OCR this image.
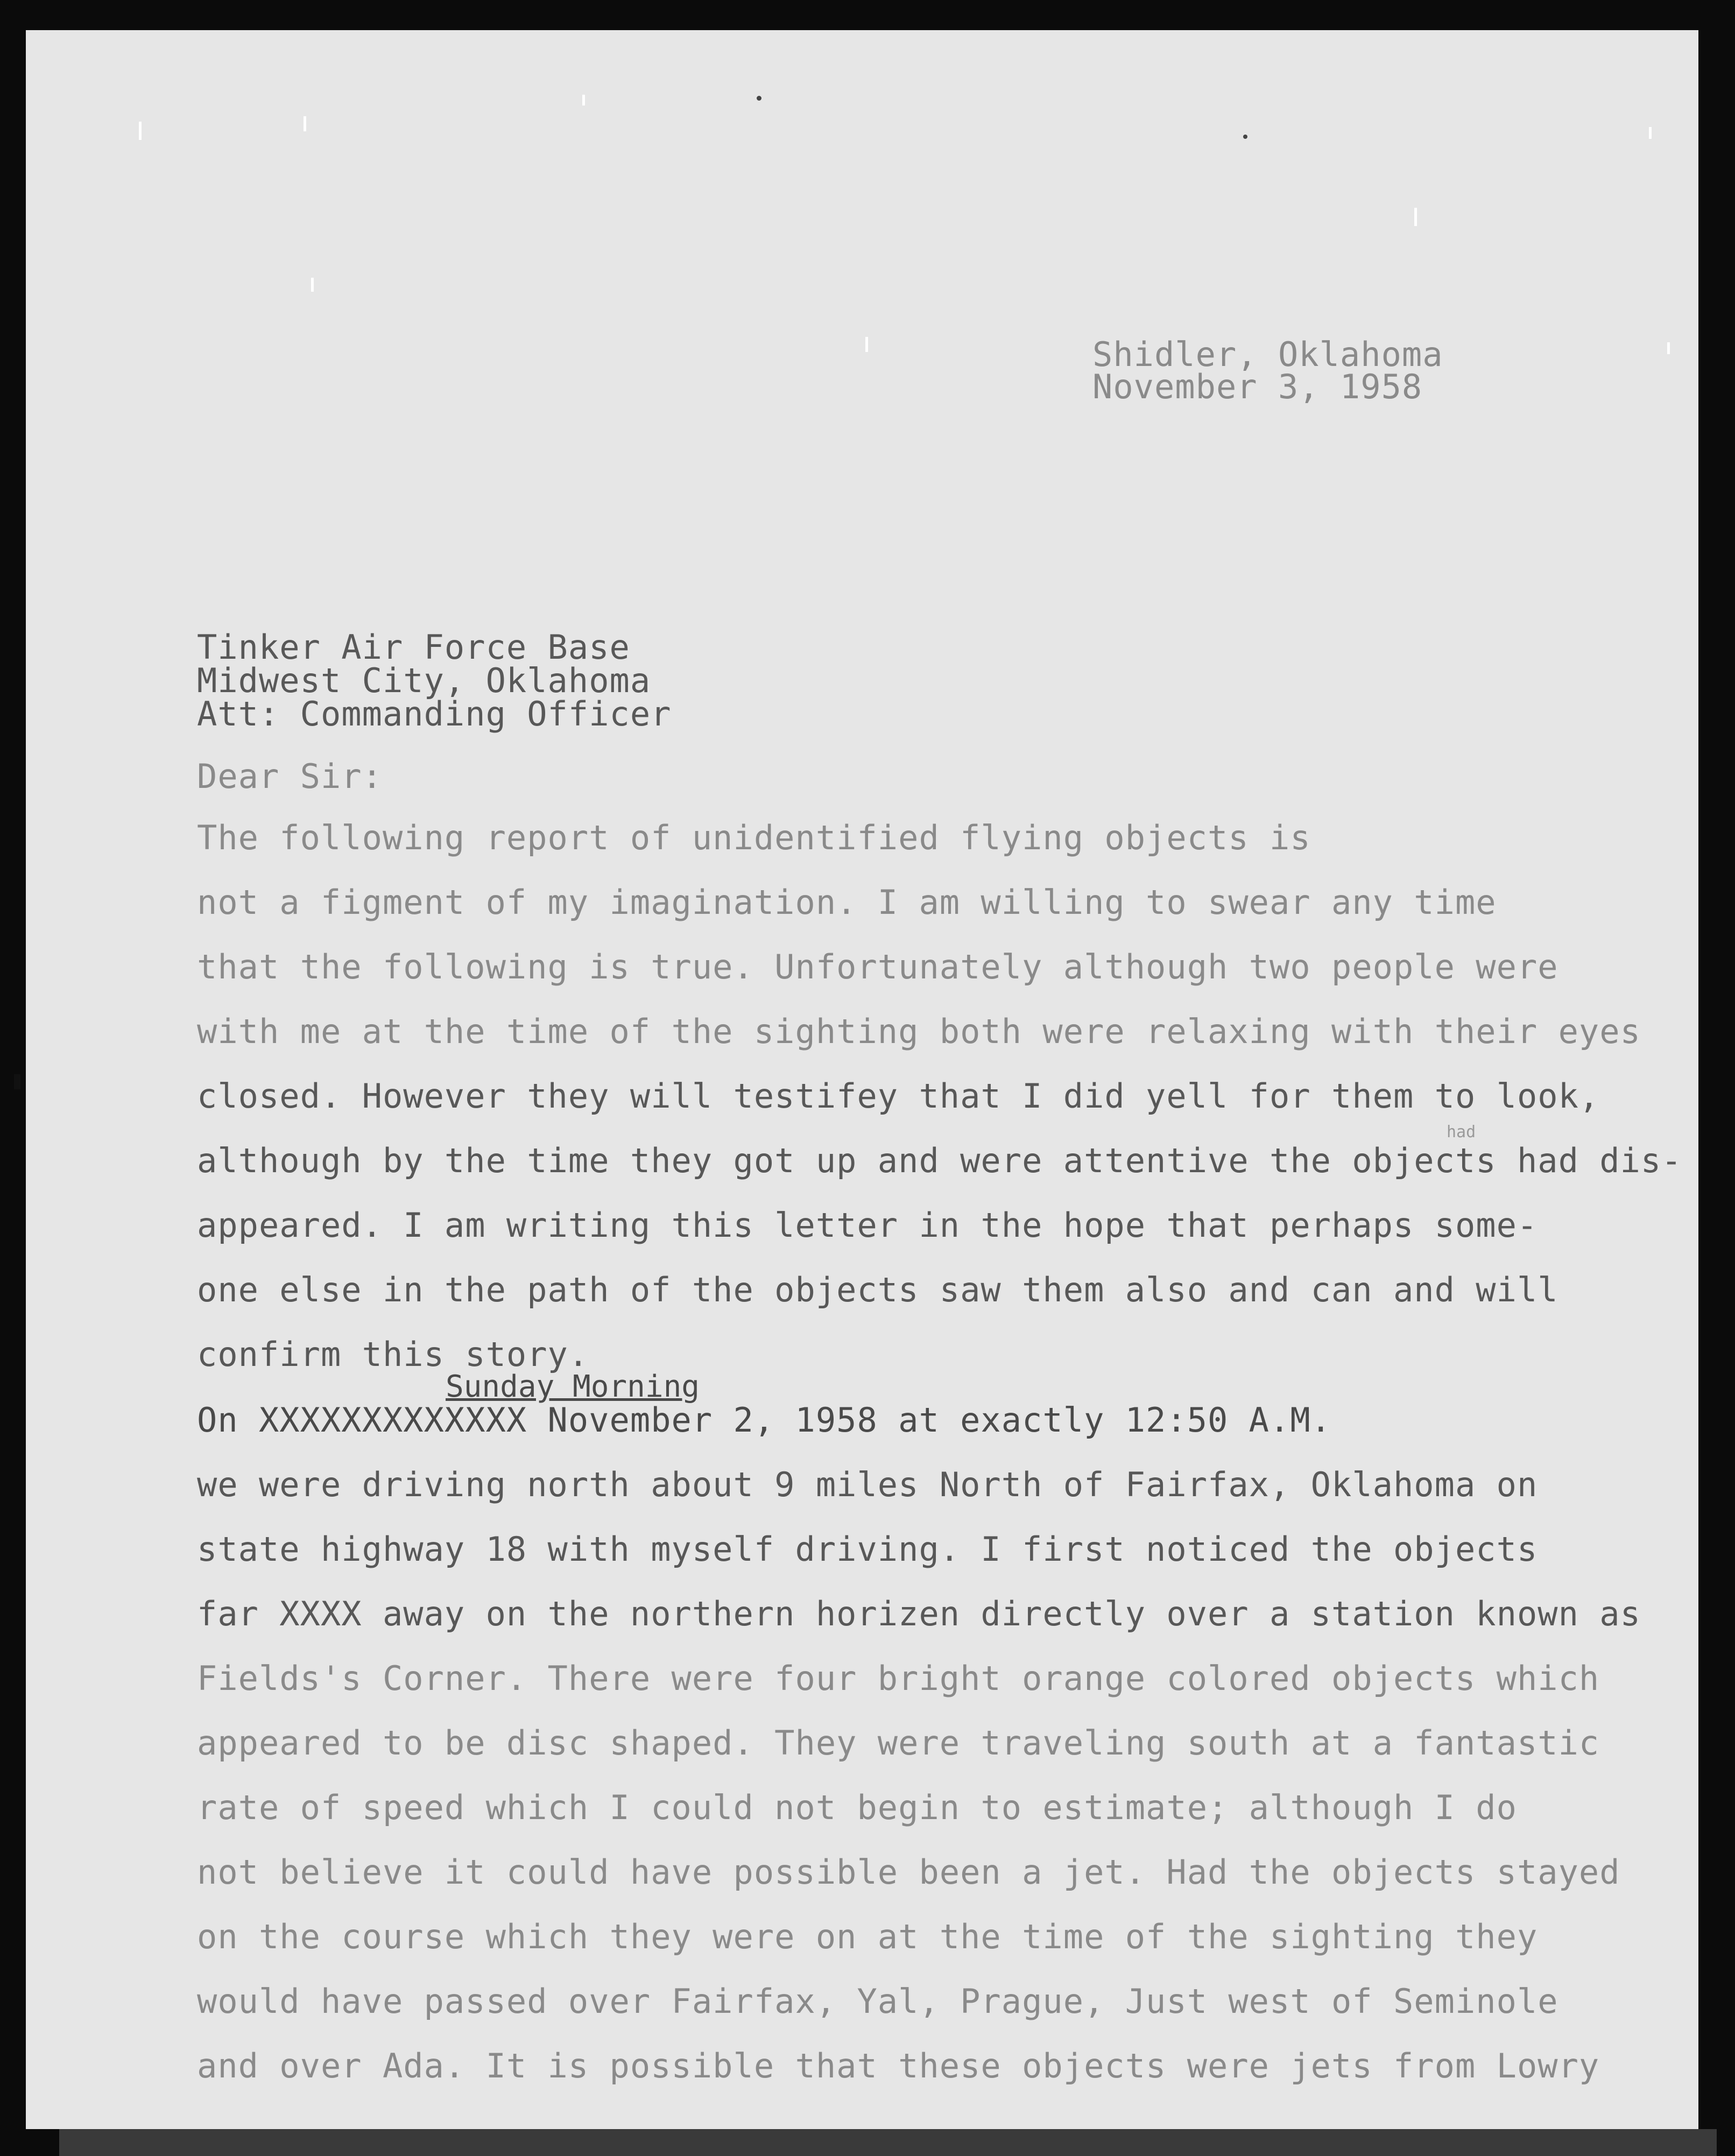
Shidler, Oklahoma
November 3, 1958
Tinker Air Force Base
Midwest City, Oklahoma
Att: Commanding Officer
Dear Sir:
The following report of unidentified flying objects is
not a figment of my imagination. I am willing to swear any time
that the following is true. Unfortunately although two people were
with me at the time of the sighting both were relaxing with their eyes
closed. However they will testifey that I did yell for them to look,
although by the time they got up and were attentive the objects had dis-
had
appeared. I am writing this letter in the hope that perhaps some-
one else in the path of the objects saw them also and can and will
confirm this story.
Sunday Morning
On XXXXXXXXXXXXX November 2, 1958 at exactly 12:50 A.M.
we were driving north about 9 miles North of Fairfax, Oklahoma on
state highway 18 with myself driving. I first noticed the objects
far XXXX away on the northern horizen directly over a station known as
Fields's Corner. There were four bright orange colored objects which
appeared to be disc shaped. They were traveling south at a fantastic
rate of speed which I could not begin to estimate; although I do
not believe it could have possible been a jet. Had the objects stayed
on the course which they were on at the time of the sighting they
would have passed over Fairfax, Yal, Prague, Just west of Seminole
and over Ada. It is possible that these objects were jets from Lowry
